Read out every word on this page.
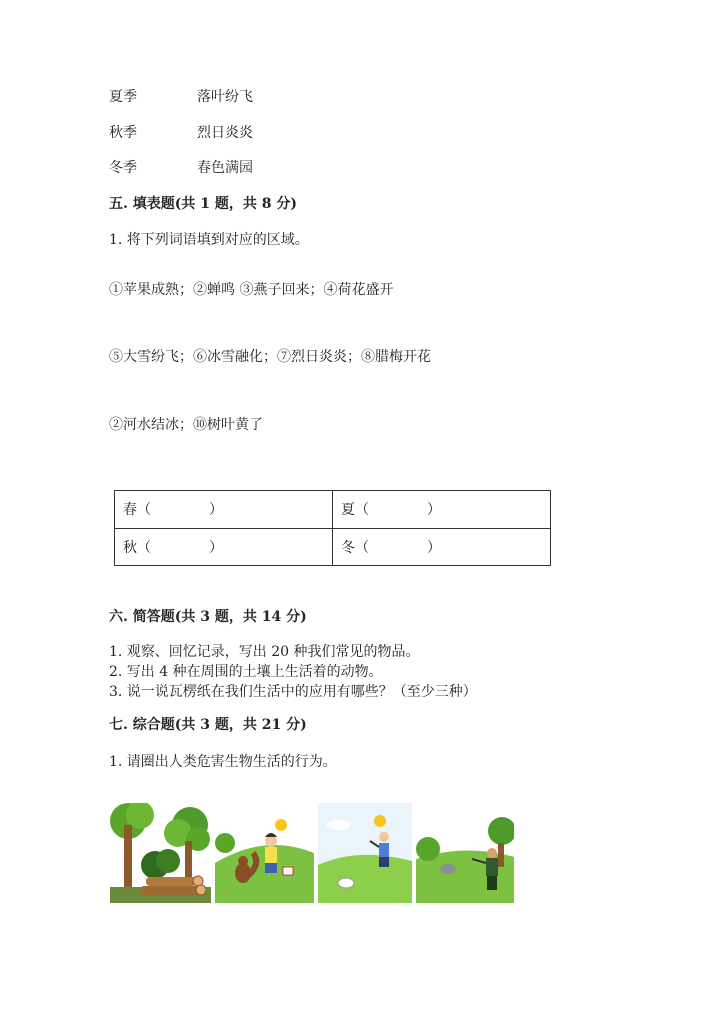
夏季	落叶纷飞
秋季	烈日炎炎
冬季	春色满园
五. 填表题(共 1 题，共 8 分)
1. 将下列词语填到对应的区域。
①苹果成熟；②蝉鸣 ③燕子回来；④荷花盛开
⑤大雪纷飞；⑥冰雪融化；⑦烈日炎炎；⑧腊梅开花
②河水结冰；⑩树叶黄了
春（ ）	夏（ ）
秋（ ）	冬（ ）
六. 简答题(共 3 题，共 14 分)
1. 观察、回忆记录，写出 20 种我们常见的物品。
2. 写出 4 种在周围的土壤上生活着的动物。
3. 说一说瓦楞纸在我们生活中的应用有哪些？（至少三种）
七. 综合题(共 3 题，共 21 分)
1. 请圈出人类危害生物生活的行为。
